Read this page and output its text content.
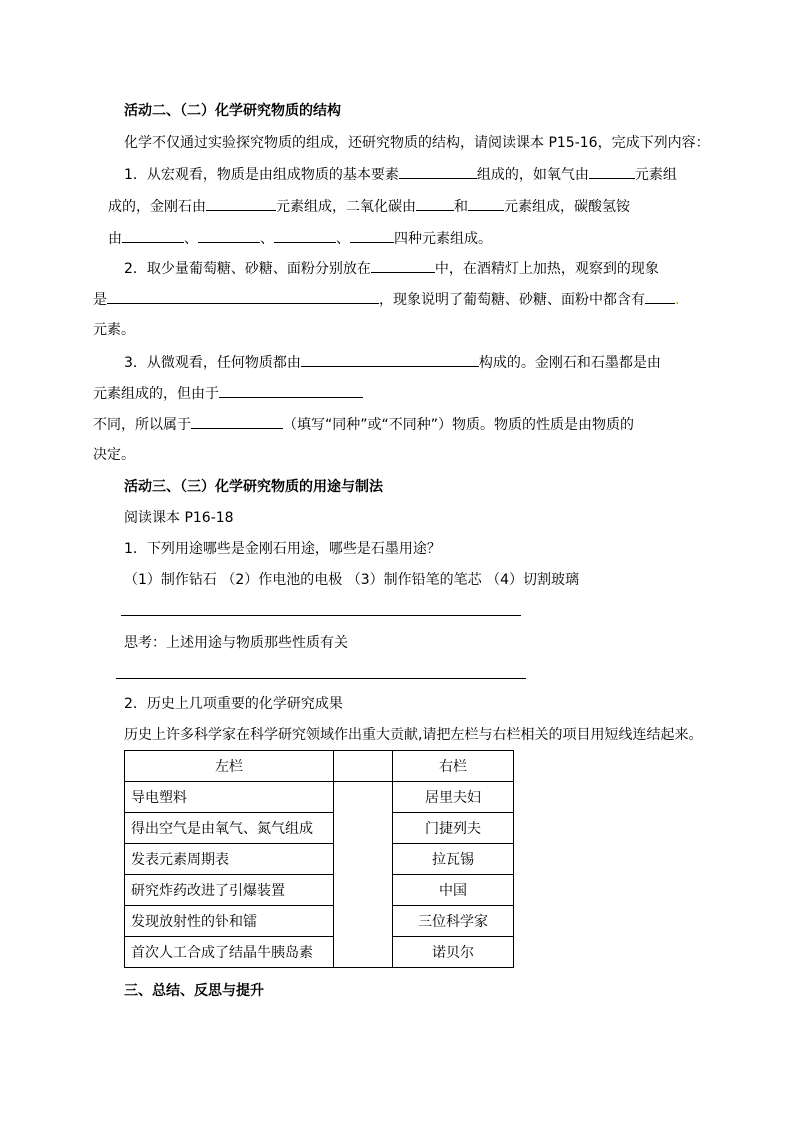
活动二、（二）化学研究物质的结构
化学不仅通过实验探究物质的组成，还研究物质的结构，请阅读课本 P15-16，完成下列内容：
1．从宏观看，物质是由组成物质的基本要素	组成的，如氧气由	元素组
成的，金刚石由	元素组成，二氧化碳由	和	元素组成，碳酸氢铵
由	、	、	、	四种元素组成。
2．取少量葡萄糖、砂糖、面粉分别放在	中，在酒精灯上加热，观察到的现象
是	，现象说明了葡萄糖、砂糖、面粉中都含有 .
元素。
3．从微观看，任何物质都由	构成的。金刚石和石墨都是由
元素组成的，但由于
不同，所以属于	（填写“同种”或“不同种”）物质。物质的性质是由物质的
决定。
活动三、（三）化学研究物质的用途与制法
阅读课本 P16-18
1．下列用途哪些是金刚石用途，哪些是石墨用途？
（1）制作钻石 （2）作电池的电极 （3）制作铅笔的笔芯 （4）切割玻璃
思考：上述用途与物质那些性质有关
2．历史上几项重要的化学研究成果
历史上许多科学家在科学研究领域作出重大贡献,请把左栏与右栏相关的项目用短线连结起来。
左栏		右栏
导电塑料		居里夫妇
得出空气是由氧气、氮气组成		门捷列夫
发表元素周期表		拉瓦锡
研究炸药改进了引爆装置		中国
发现放射性的钋和镭		三位科学家
首次人工合成了结晶牛胰岛素		诺贝尔
三、总结、反思与提升
